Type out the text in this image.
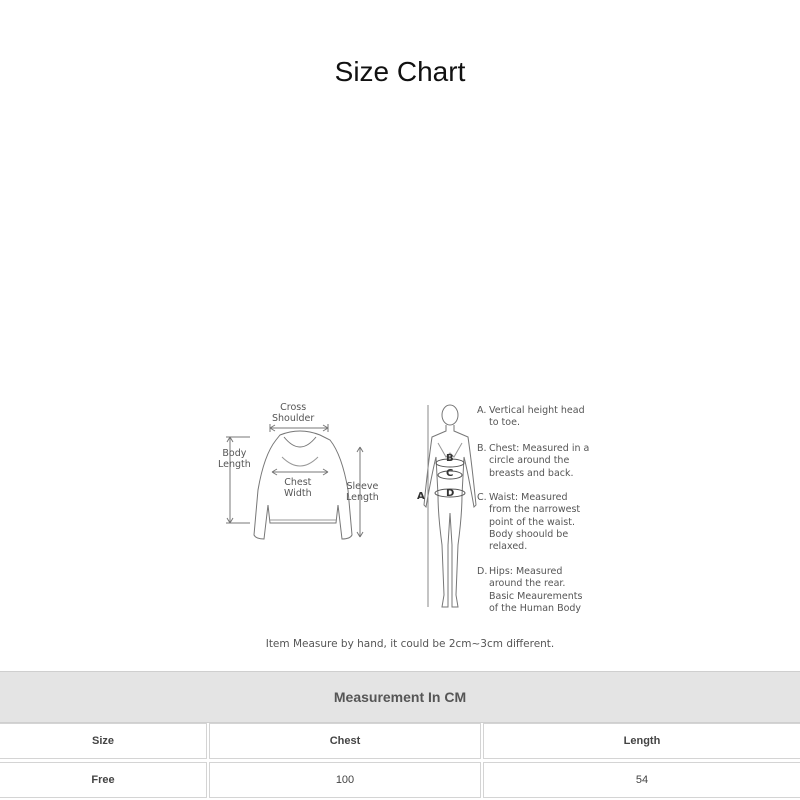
Size Chart
Cross
Shoulder
Body
Length
Chest
Width
Sleeve
Length	A
B
C
D
A. Vertical height head
to toe.
B. Chest: Measured in a
circle around the
breasts and back.
C. Waist: Measured
from the narrowest
point of the waist.
Body shoould be
relaxed.
D. Hips: Measured
around the rear.
Basic Meaurements
of the Human Body
Item Measure by hand, it could be 2cm~3cm different.
Measurement In CM
Size	Chest	Length
Free	100	54
